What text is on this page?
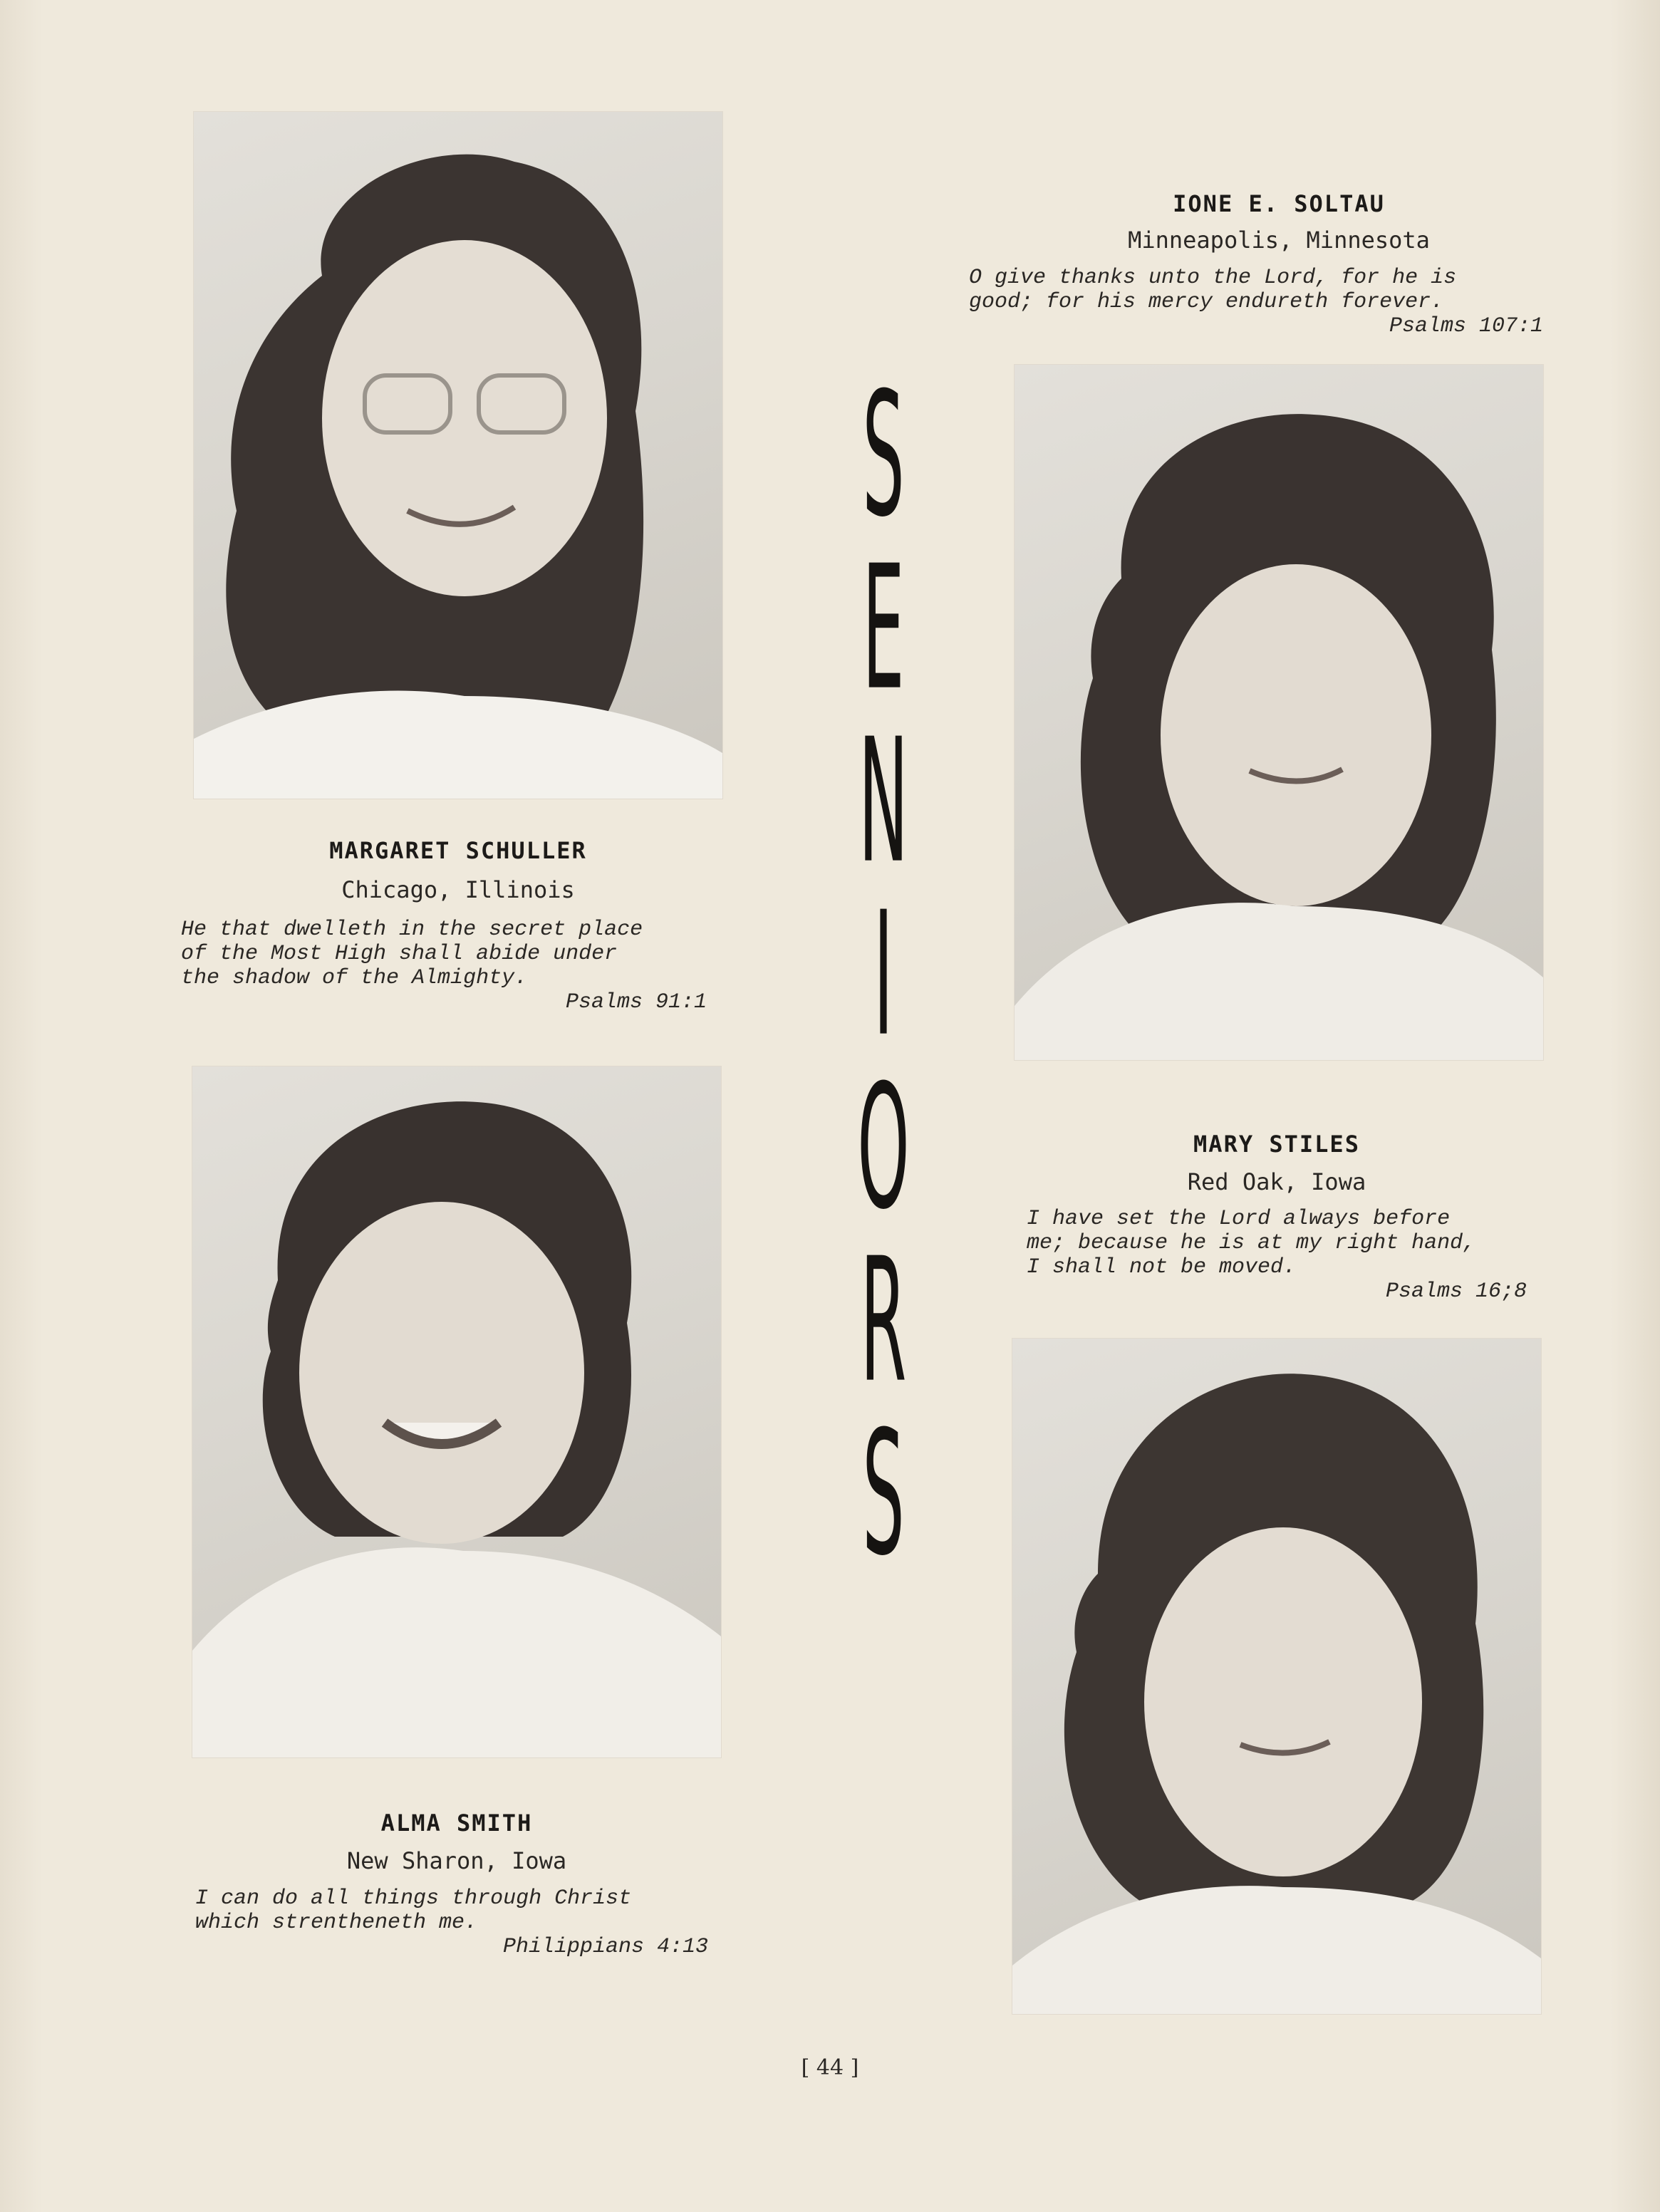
MARGARET SCHULLER
Chicago, Illinois
He that dwelleth in the secret place
of the Most High shall abide under
the shadow of the Almighty.
Psalms 91:1
IONE E. SOLTAU
Minneapolis, Minnesota
O give thanks unto the Lord, for he is
good; for his mercy endureth forever.
Psalms 107:1
MARY STILES
Red Oak, Iowa
I have set the Lord always before
me; because he is at my right hand,
I shall not be moved.
Psalms 16;8
ALMA SMITH
New Sharon, Iowa
I can do all things through Christ
which strentheneth me.
Philippians 4:13
S
E
N
I
O
R
S
[ 44 ]
